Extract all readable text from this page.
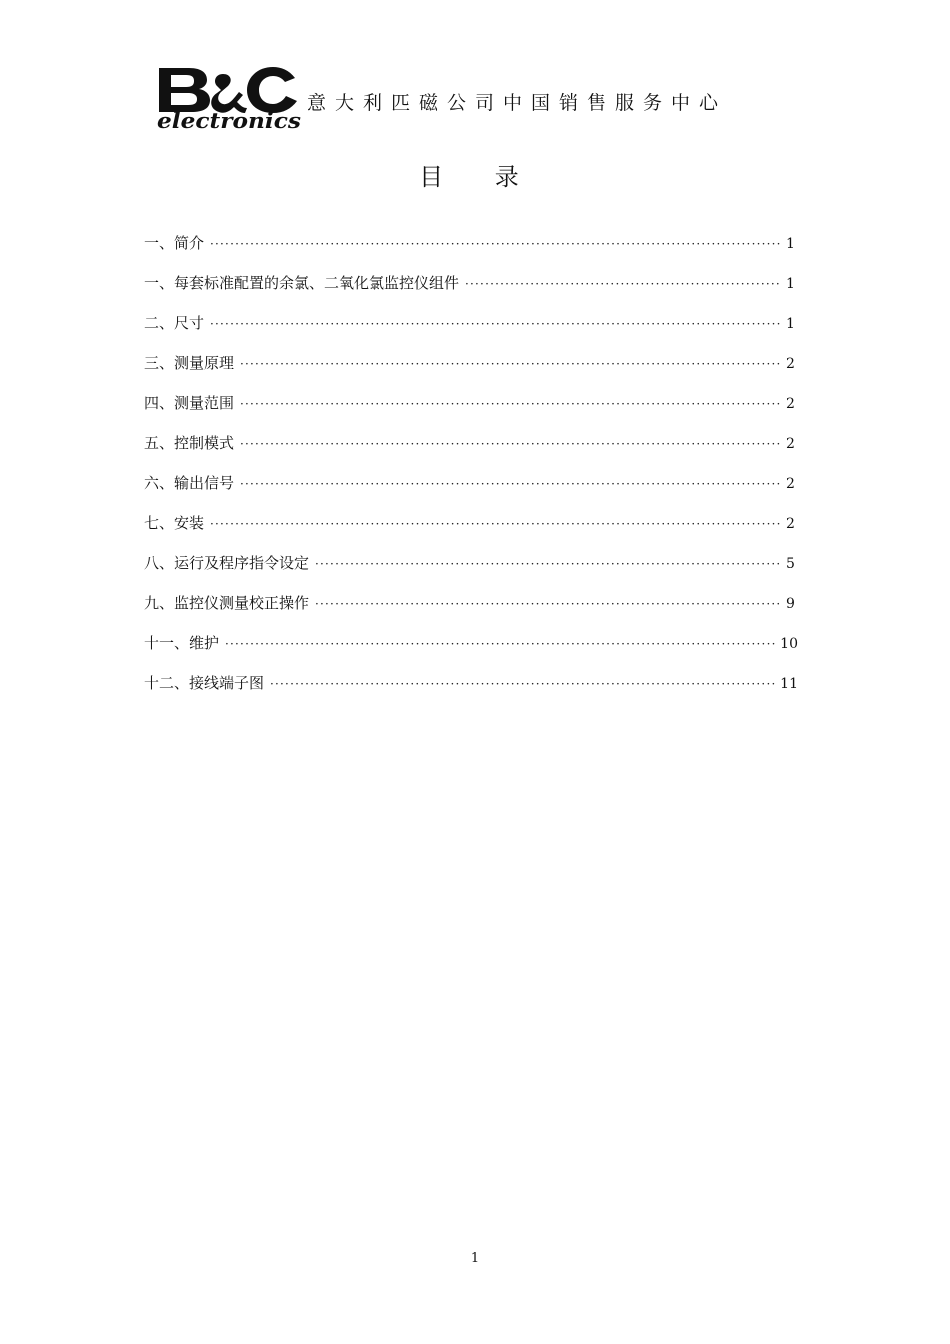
electronics
意大利匹磁公司中国销售服务中心
目 录
一、简介 ·····	1
一、每套标准配置的余氯、二氧化氯监控仪组件 ·····	1
二、尺寸 ·····	1
三、测量原理 ·····	2
四、测量范围 ·····	2
五、控制模式 ·····	2
六、输出信号 ·····	2
七、安装 ·····	2
八、运行及程序指令设定 ·····	5
九、监控仪测量校正操作 ·····	9
十一、维护 ·····	10
十二、接线端子图 ·····	11
1
